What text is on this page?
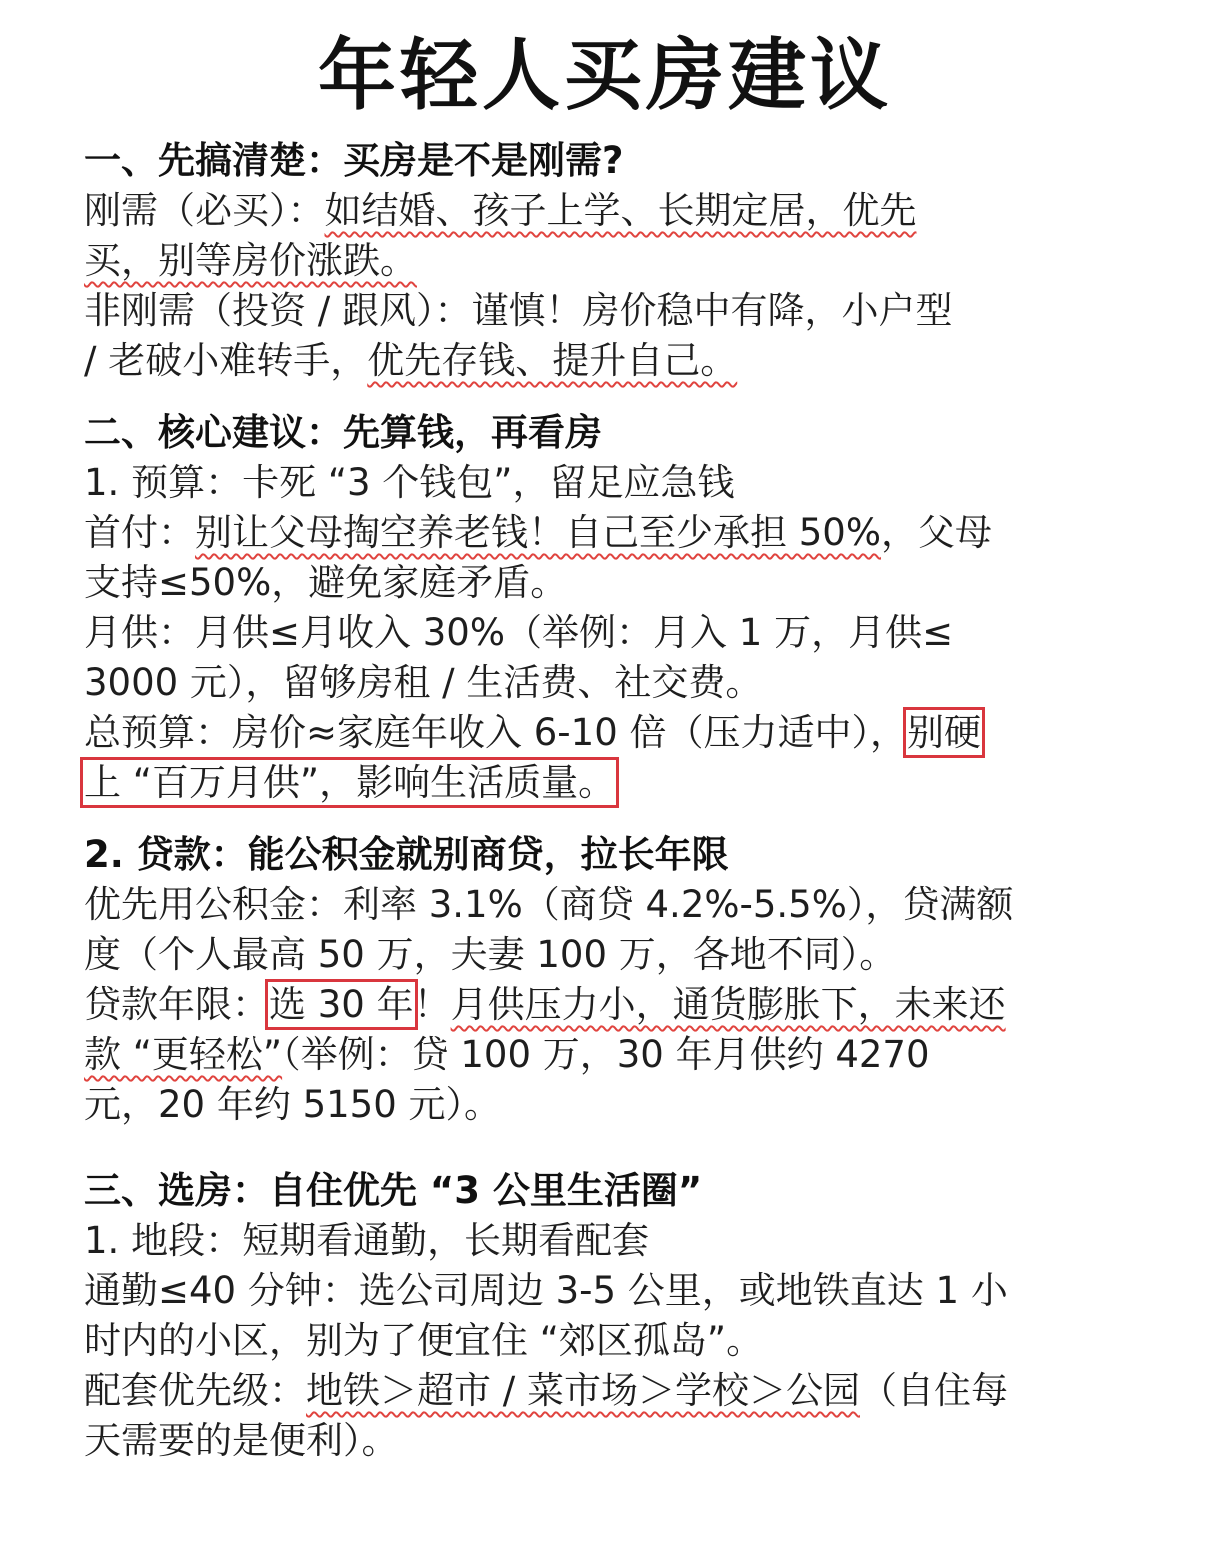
年轻人买房建议

一、先搞清楚：买房是不是刚需?

刚需（必买）：如结婚、孩子上学、长期定居，优先

买，别等房价涨跌。

非刚需（投资 / 跟风）：谨慎！房价稳中有降，小户型

/ 老破小难转手，优先存钱、提升自己。

二、核心建议：先算钱，再看房

1. 预算：卡死 “3 个钱包”，留足应急钱

首付：别让父母掏空养老钱！自己至少承担 50%，父母

支持≤50%，避免家庭矛盾。

月供：月供≤月收入 30%（举例：月入 1 万，月供≤

3000 元），留够房租 / 生活费、社交费。

总预算：房价≈家庭年收入 6-10 倍（压力适中），别硬

上 “百万月供”，影响生活质量。

2. 贷款：能公积金就别商贷，拉长年限

优先用公积金：利率 3.1%（商贷 4.2%-5.5%），贷满额

度（个人最高 50 万，夫妻 100 万，各地不同）。

贷款年限：选 30 年！月供压力小，通货膨胀下，未来还

款 “更轻松”（举例：贷 100 万，30 年月供约 4270

元，20 年约 5150 元）。

三、选房：自住优先 “3 公里生活圈”

1. 地段：短期看通勤，长期看配套

通勤≤40 分钟：选公司周边 3-5 公里，或地铁直达 1 小

时内的小区，别为了便宜住 “郊区孤岛”。

配套优先级：地铁＞超市 / 菜市场＞学校＞公园（自住每

天需要的是便利）。
